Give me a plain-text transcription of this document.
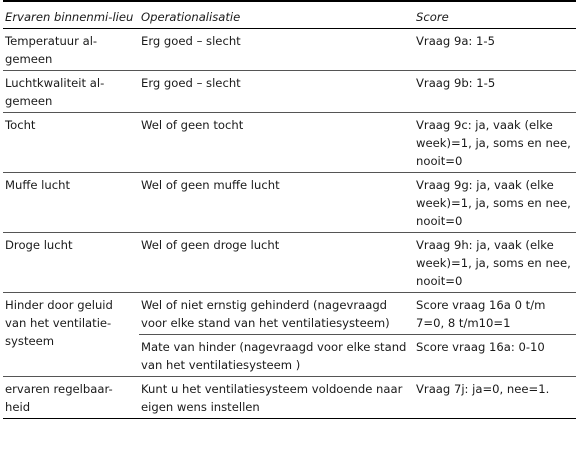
Ervaren binnenmi-lieu	Operationalisatie	Score
Temperatuur al-gemeen	Erg goed – slecht	Vraag 9a: 1-5
Luchtkwaliteit al-gemeen	Erg goed – slecht	Vraag 9b: 1-5
Tocht	Wel of geen tocht	Vraag 9c: ja, vaak (elke week)=1, ja, soms en nee, nooit=0
Muffe lucht	Wel of geen muffe lucht	Vraag 9g: ja, vaak (elke week)=1, ja, soms en nee, nooit=0
Droge lucht	Wel of geen droge lucht	Vraag 9h: ja, vaak (elke week)=1, ja, soms en nee, nooit=0
Hinder door geluid van het ventilatie-systeem	Wel of niet ernstig gehinderd (nagevraagd voor elke stand van het ventilatiesysteem)	Score vraag 16a 0 t/m 7=0, 8 t/m10=1
	Mate van hinder (nagevraagd voor elke stand van het ventilatiesysteem )	Score vraag 16a: 0-10
ervaren regelbaar-heid	Kunt u het ventilatiesysteem voldoende naar eigen wens instellen	Vraag 7j: ja=0, nee=1.
